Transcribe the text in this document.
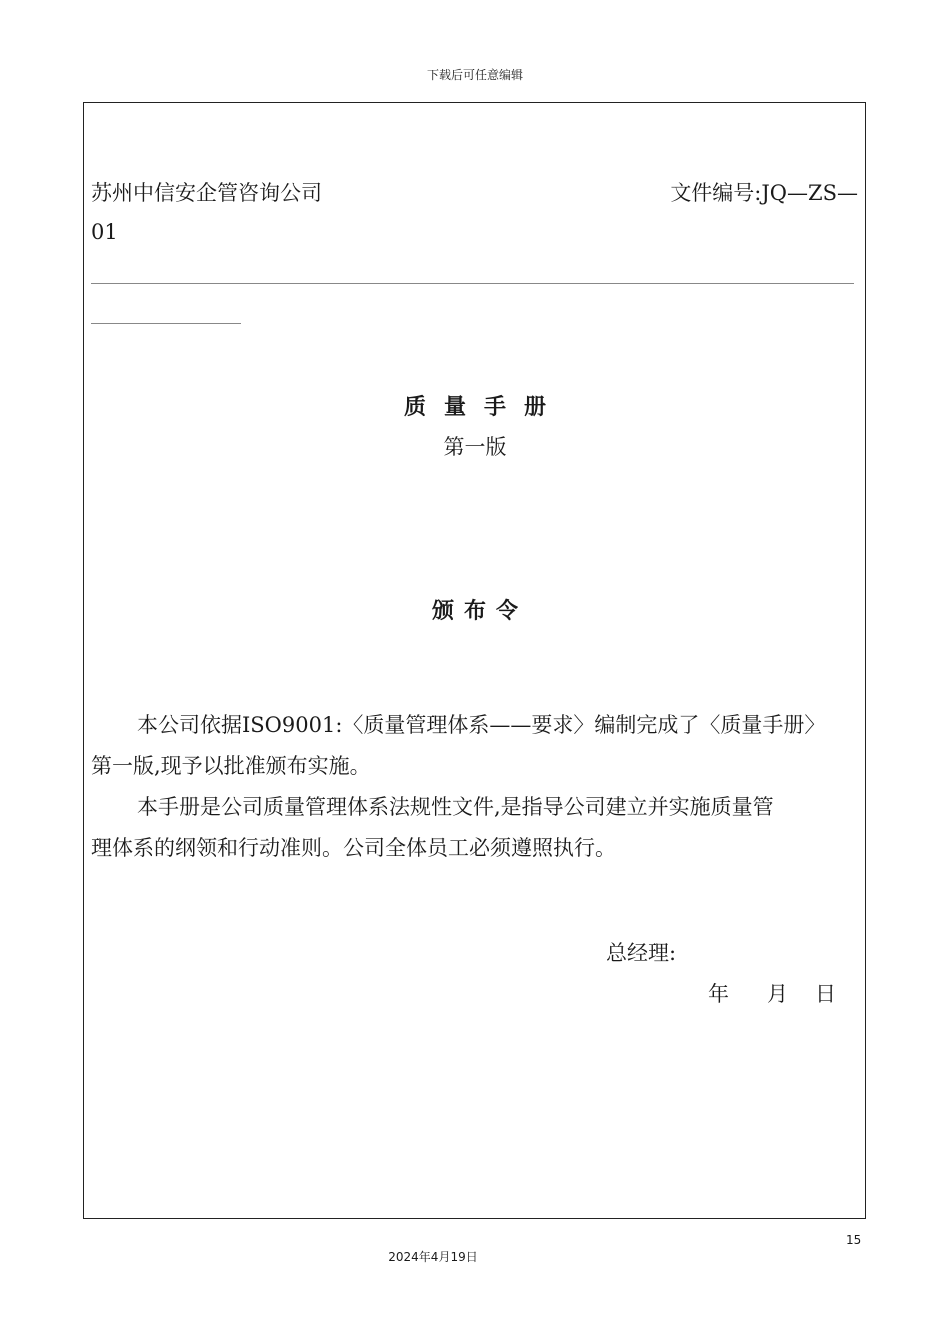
下载后可任意编辑
苏州中信安企管咨询公司	文件编号:JQ—ZS—
01
质量手册
第一版
颁布令
本公司依据ISO9001:〈质量管理体系——要求〉编制完成了〈质量手册〉
第一版,现予以批准颁布实施。
本手册是公司质量管理体系法规性文件,是指导公司建立并实施质量管
理体系的纲领和行动准则。公司全体员工必须遵照执行。
总经理:
年 月 日
15
2024年4月19日
